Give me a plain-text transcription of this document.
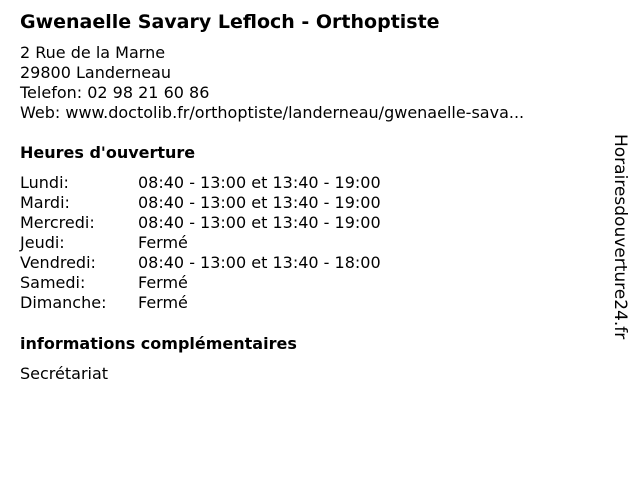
Gwenaelle Savary Lefloch - Orthoptiste
2 Rue de la Marne
29800 Landerneau
Telefon: 02 98 21 60 86
Web: www.doctolib.fr/orthoptiste/landerneau/gwenaelle-sava...
Heures d'ouverture
Lundi:	08:40 - 13:00 et 13:40 - 19:00
Mardi:	08:40 - 13:00 et 13:40 - 19:00
Mercredi:	08:40 - 13:00 et 13:40 - 19:00
Jeudi:	Fermé
Vendredi:	08:40 - 13:00 et 13:40 - 18:00
Samedi:	Fermé
Dimanche:	Fermé
informations complémentaires
Secrétariat
Horairesdouverture24.fr
